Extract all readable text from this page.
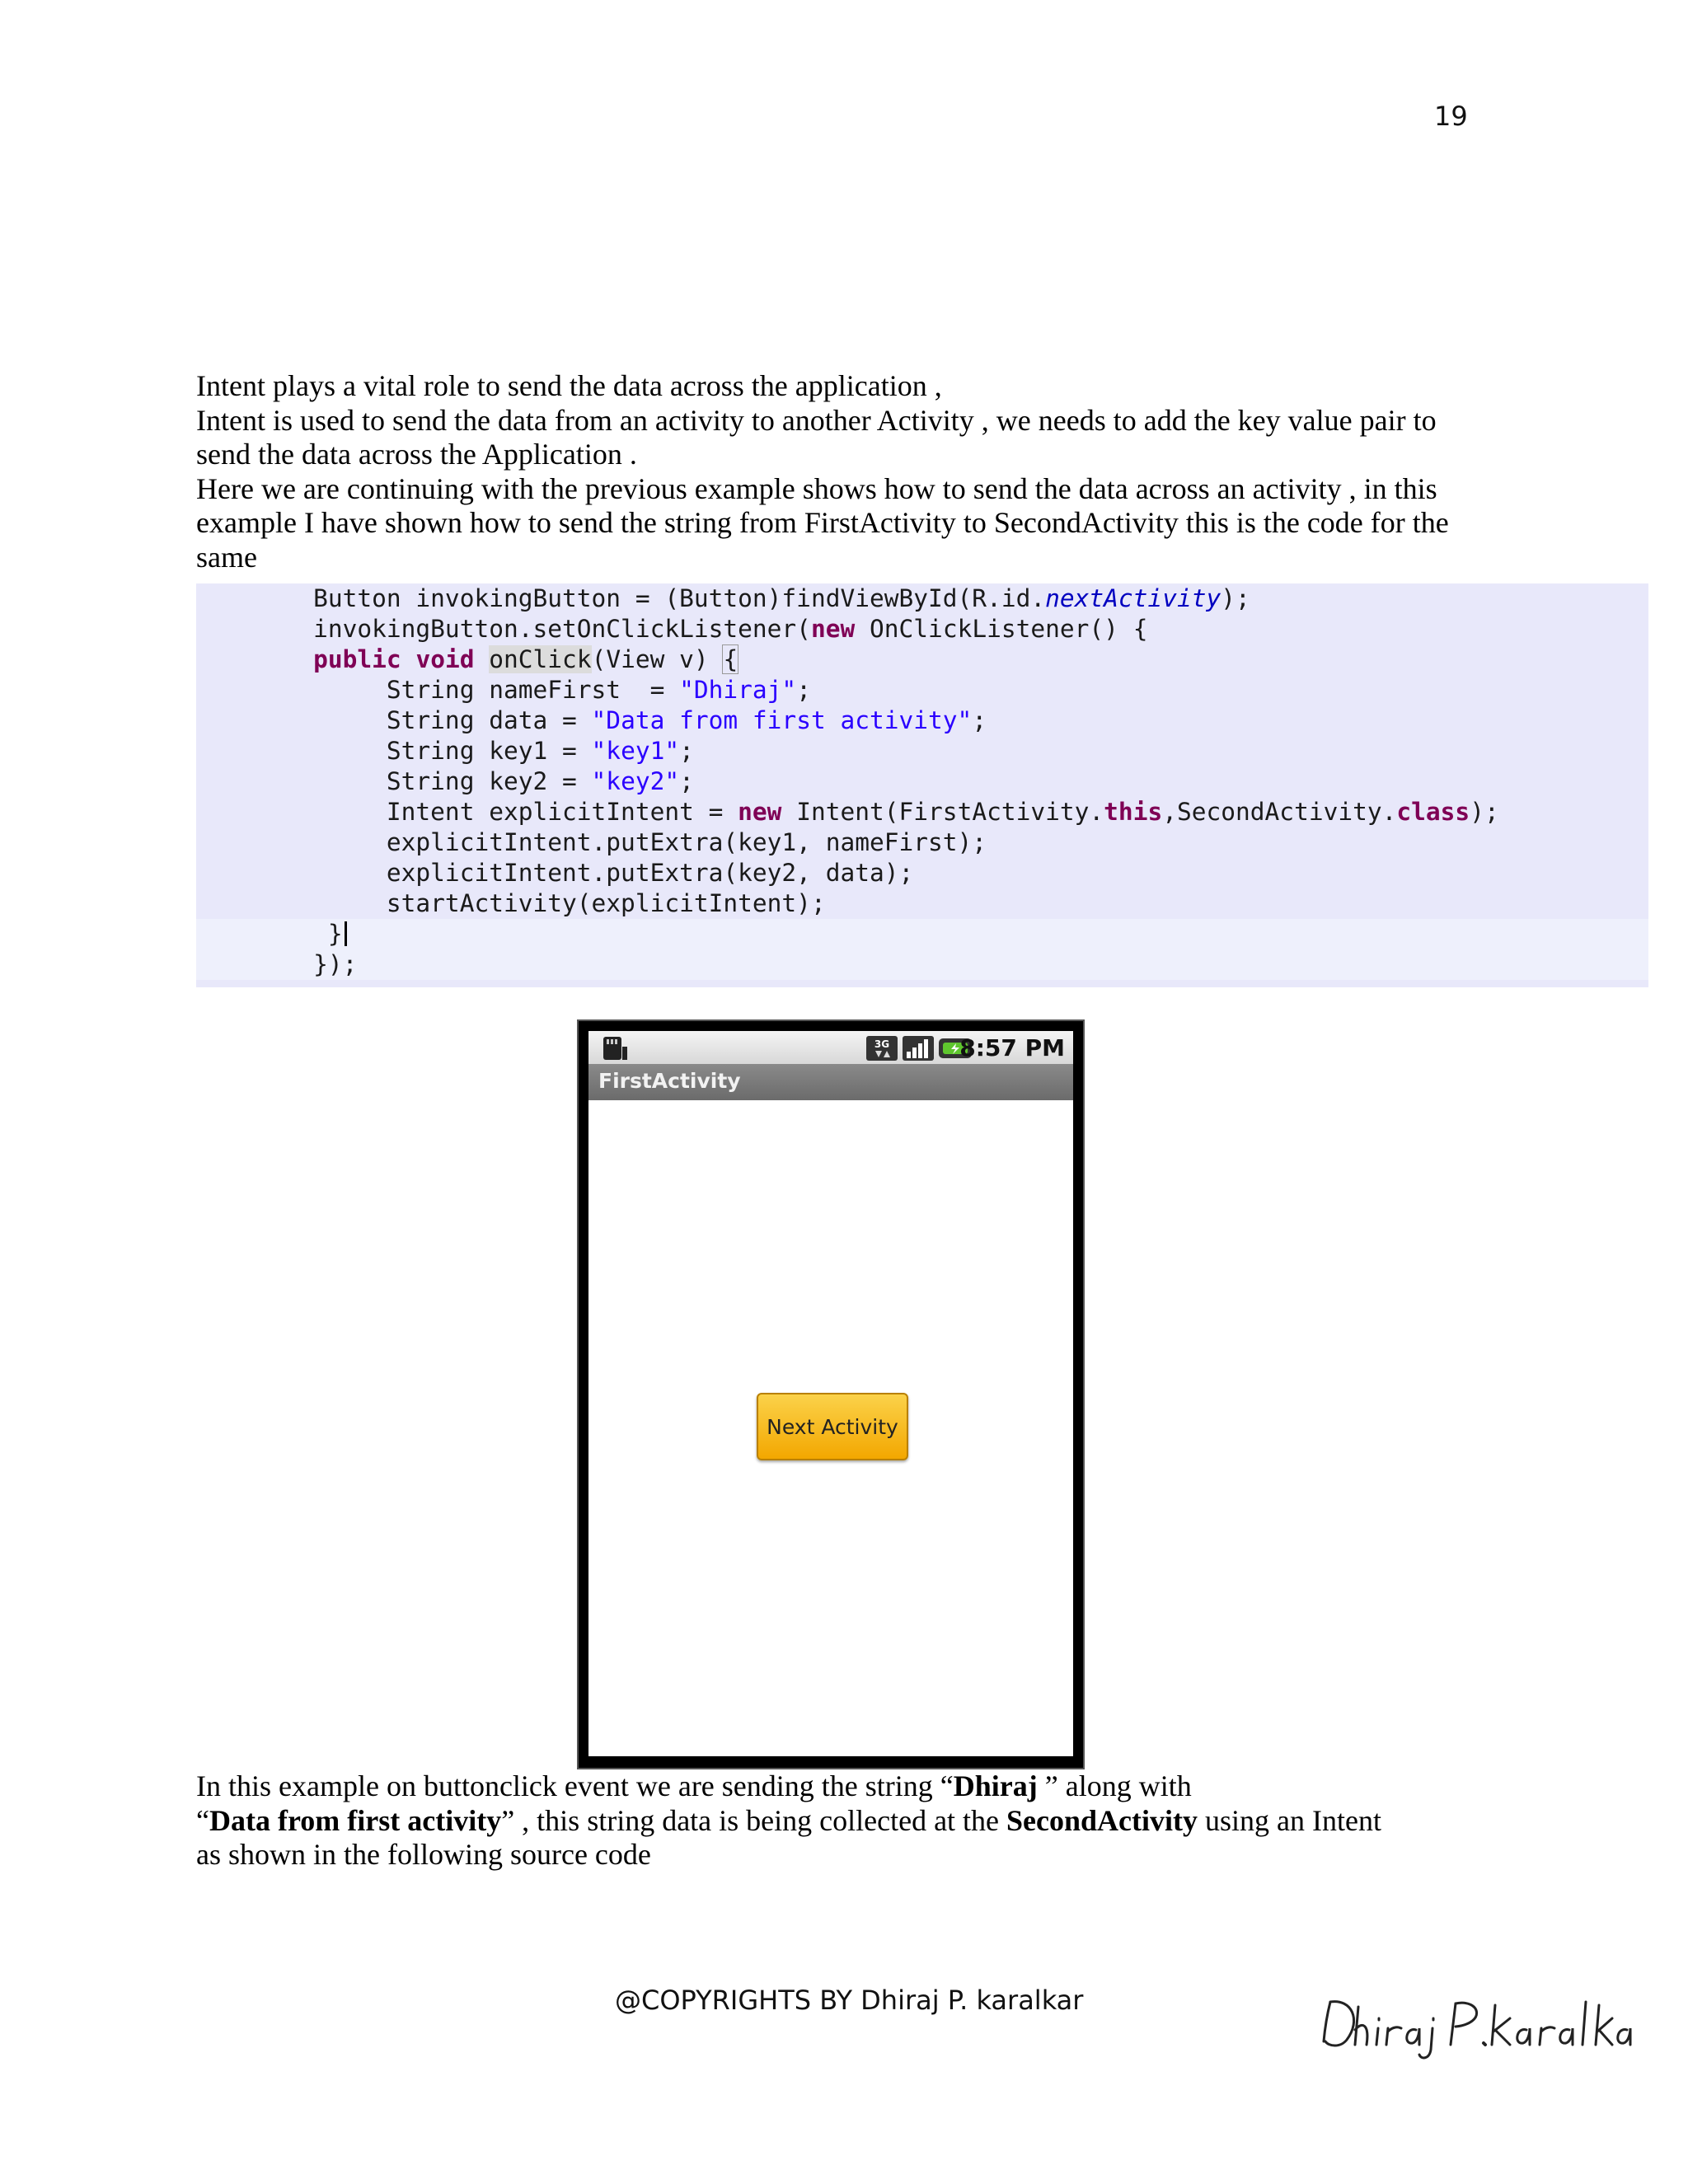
19

Intent plays a vital role to send the data across the application ,

Intent is used to send the data from an activity to another Activity , we needs to add the key value pair to

send the data across the Application .

Here we are continuing with the previous example shows how to send the data across an activity , in this

example I have shown how to send the string from FirstActivity to SecondActivity this is the code for the

same

Button invokingButton = (Button)findViewById(R.id.nextActivity);
invokingButton.setOnClickListener(new OnClickListener() {
public void onClick(View v) {
String nameFirst  = "Dhiraj";
String data = "Data from first activity";
String key1 = "key1";
String key2 = "key2";
Intent explicitIntent = new Intent(FirstActivity.this,SecondActivity.class);
explicitIntent.putExtra(key1, nameFirst);
explicitIntent.putExtra(key2, data);
startActivity(explicitIntent);
}
});
3G
	8:57 PM
FirstActivity
Next Activity

In this example on buttonclick event we are sending the string “Dhiraj ” along with

“Data from first activity” , this string data is being collected at the SecondActivity using an Intent

as shown in the following source code

@COPYRIGHTS BY Dhiraj P. karalkar
